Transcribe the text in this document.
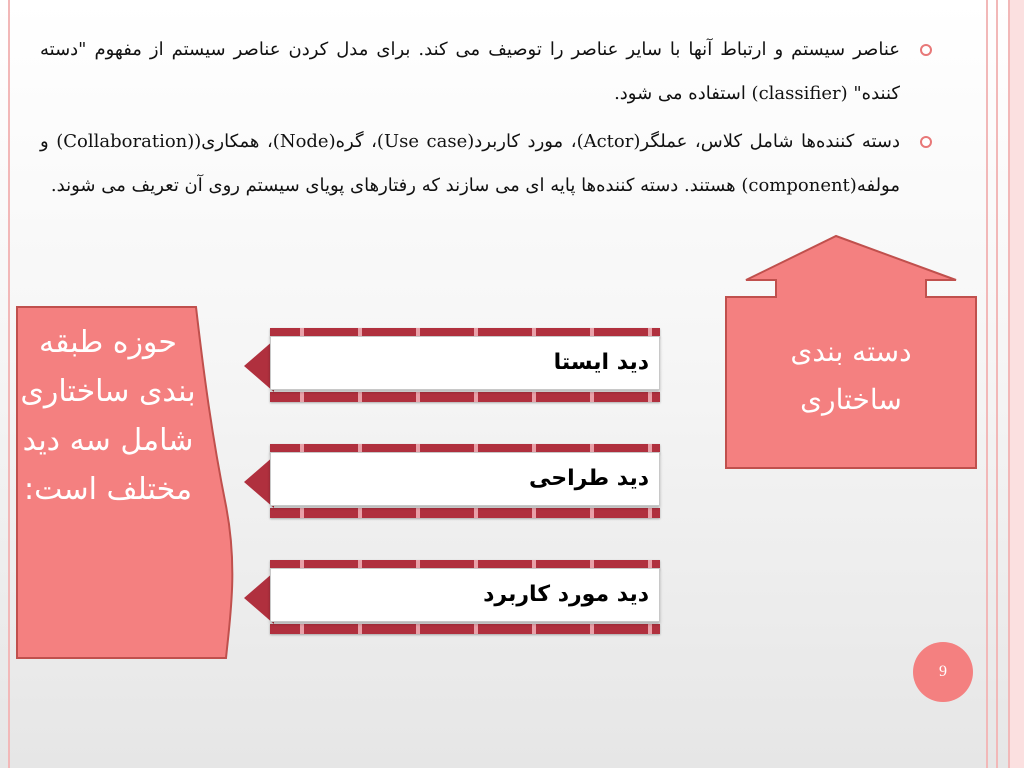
عناصر سیستم و ارتباط آنها با سایر عناصر را توصیف می کند. برای مدل کردن عناصر سیستم از مفهوم "دسته کننده" (classifier) استفاده می شود.
دسته کننده‌ها شامل کلاس، عملگر(Actor)، مورد کاربرد(Use case)، گره(Node)، همکاری((Collaboration) و مولفه(component) هستند. دسته کننده‌ها پایه ای می سازند که رفتارهای پویای سیستم روی آن تعریف می شوند.
دسته بندی
ساختاری
حوزه طبقه بندی ساختاری شامل سه دید مختلف است:
دید ایستا
دید طراحی
دید مورد کاربرد
9
